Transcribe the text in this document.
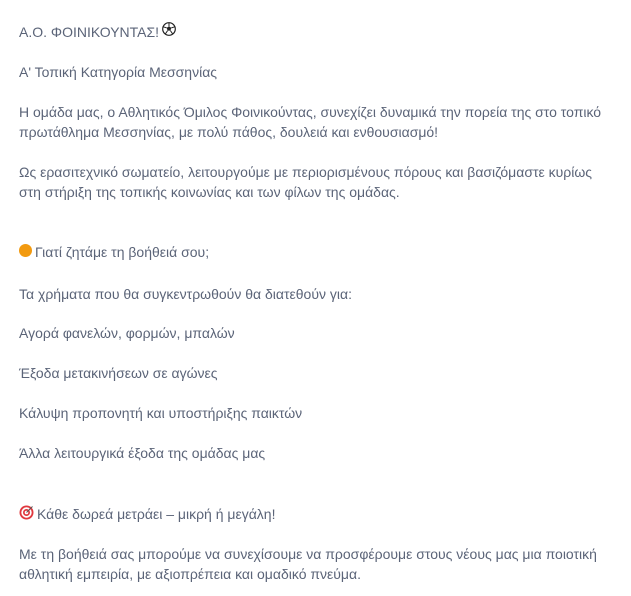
Α.Ο. ΦΟΙΝΙΚΟΥΝΤΑΣ!
Α' Τοπική Κατηγορία Μεσσηνίας
Η ομάδα μας, ο Αθλητικός Όμιλος Φοινικούντας, συνεχίζει δυναμικά την πορεία της στο τοπικό πρωτάθλημα Μεσσηνίας, με πολύ πάθος, δουλειά και ενθουσιασμό!
Ως ερασιτεχνικό σωματείο, λειτουργούμε με περιορισμένους πόρους και βασιζόμαστε κυρίως στη στήριξη της τοπικής κοινωνίας και των φίλων της ομάδας.
Γιατί ζητάμε τη βοήθειά σου;
Τα χρήματα που θα συγκεντρωθούν θα διατεθούν για:
Αγορά φανελών, φορμών, μπαλών
Έξοδα μετακινήσεων σε αγώνες
Κάλυψη προπονητή και υποστήριξης παικτών
Άλλα λειτουργικά έξοδα της ομάδας μας
Κάθε δωρεά μετράει – μικρή ή μεγάλη!
Με τη βοήθειά σας μπορούμε να συνεχίσουμε να προσφέρουμε στους νέους μας μια ποιοτική αθλητική εμπειρία, με αξιοπρέπεια και ομαδικό πνεύμα.
